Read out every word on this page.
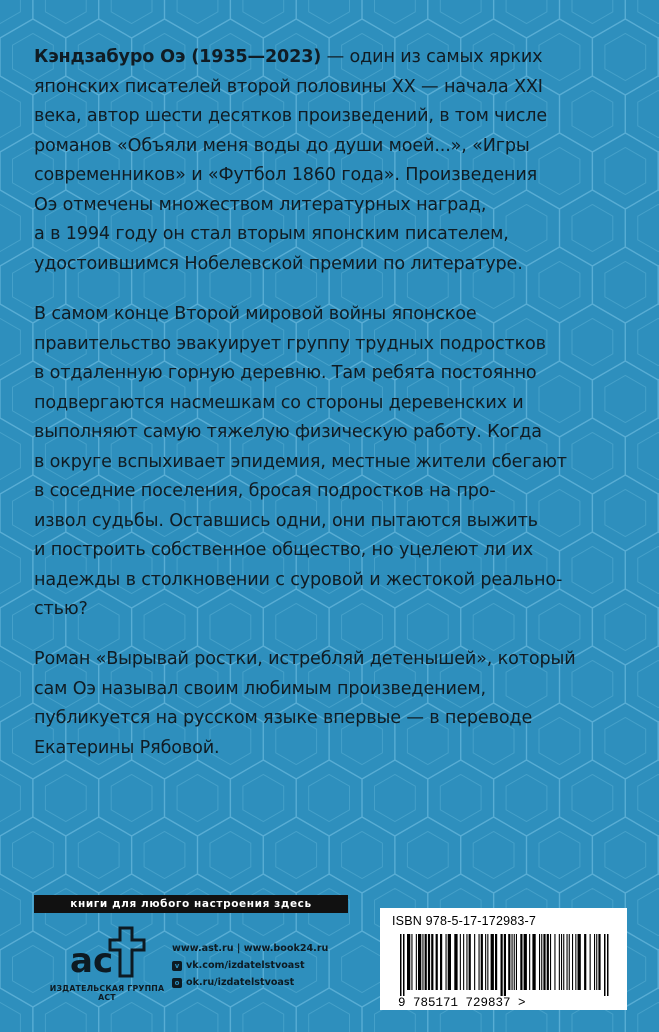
Кэндзабуро Оэ (1935—2023) — один из самых ярких
японских писателей второй половины XX — начала XXI
века, автор шести десятков произведений, в том числе
романов «Объяли меня воды до души моей...», «Игры
современников» и «Футбол 1860 года». Произведения
Оэ отмечены множеством литературных наград,
а в 1994 году он стал вторым японским писателем,
удостоившимся Нобелевской премии по литературе.

В самом конце Второй мировой войны японское
правительство эвакуирует группу трудных подростков
в отдаленную горную деревню. Там ребята постоянно
подвергаются насмешкам со стороны деревенских и
выполняют самую тяжелую физическую работу. Когда
в округе вспыхивает эпидемия, местные жители сбегают
в соседние поселения, бросая подростков на про-
извол судьбы. Оставшись одни, они пытаются выжить
и построить собственное общество, но уцелеют ли их
надежды в столкновении с суровой и жестокой реально-
стью?

Роман «Вырывай ростки, истребляй детенышей», который
сам Оэ называл своим любимым произведением,
публикуется на русском языке впервые — в переводе
Екатерины Рябовой.

книги для любого настроения здесь
ас
ИЗДАТЕЛЬСКАЯ ГРУППА АСТ
www.ast.ru | www.book24.ru
v vk.com/izdatelstvoast
o ok.ru/izdatelstvoast
ISBN 978-5-17-172983-7
9 785171 729837 >
